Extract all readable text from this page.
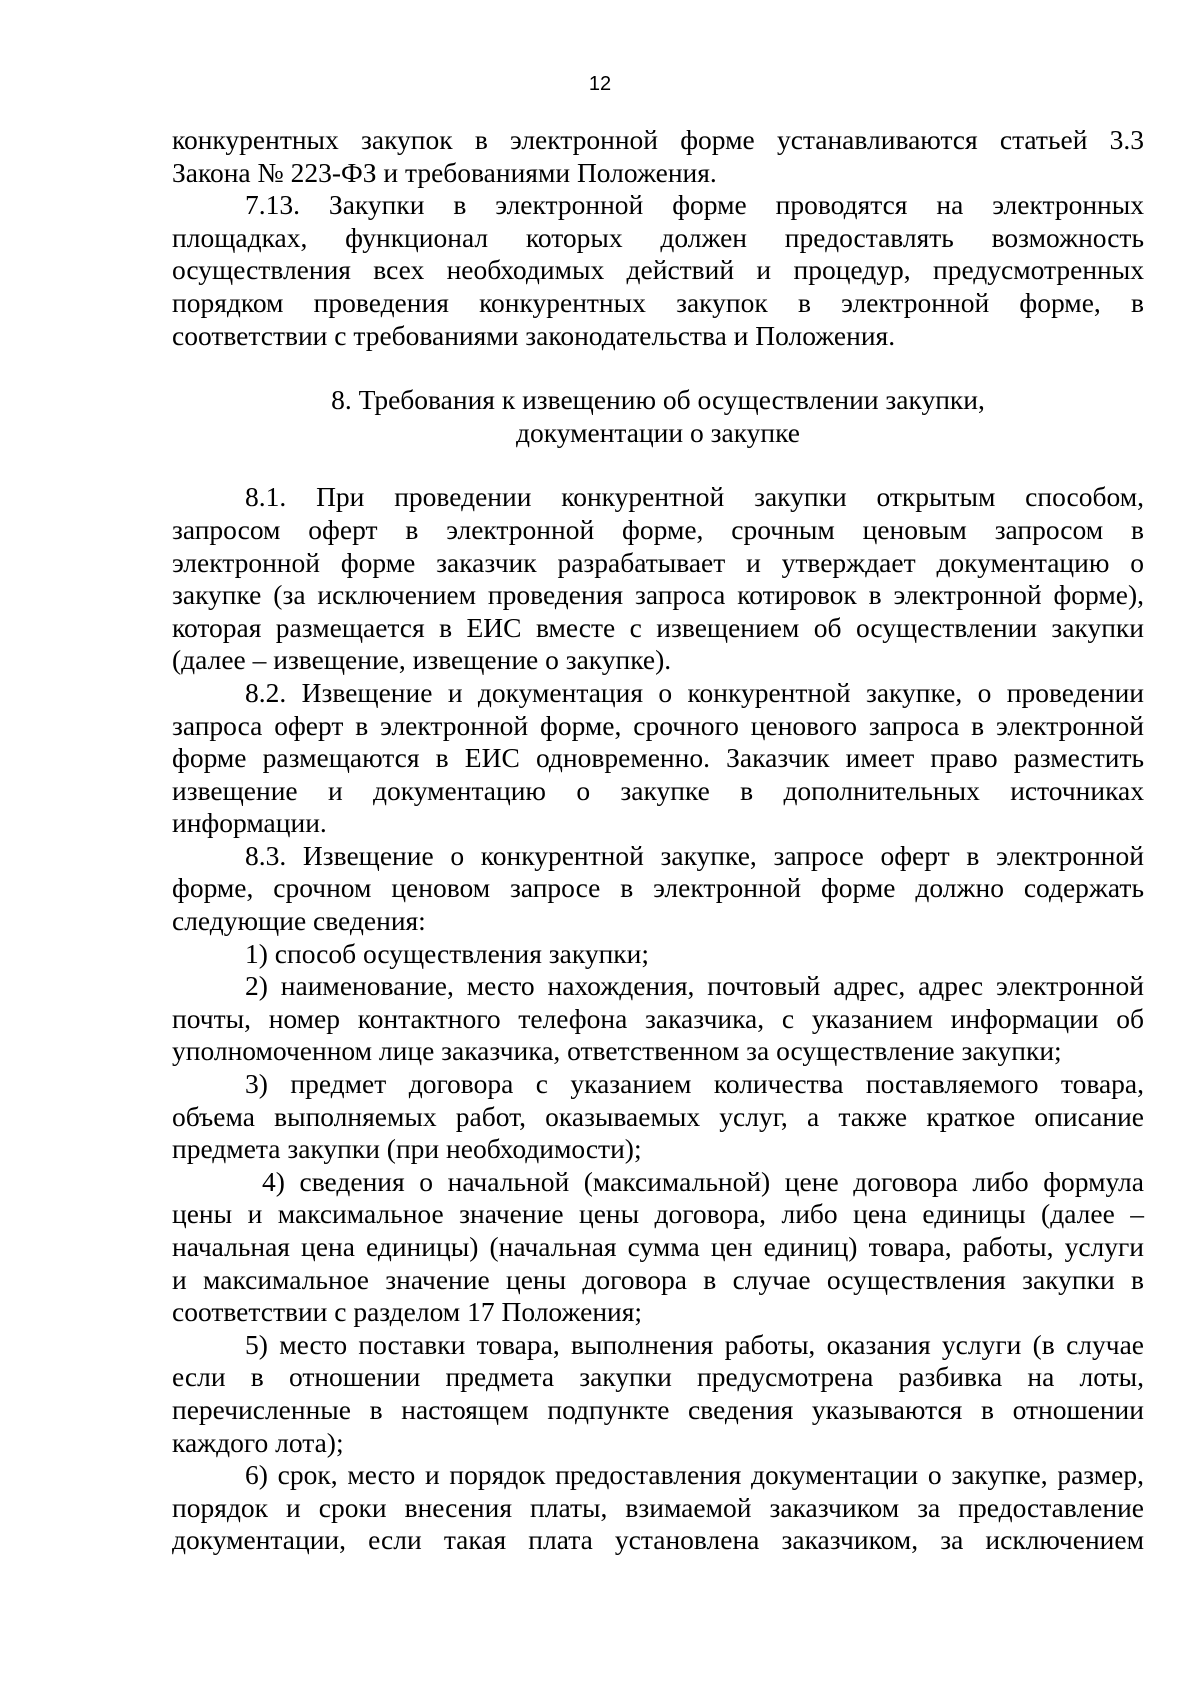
12

конкурентных закупок в электронной форме устанавливаются статьей 3.3

Закона № 223-ФЗ и требованиями Положения.

7.13. Закупки в электронной форме проводятся на электронных

площадках, функционал которых должен предоставлять возможность

осуществления всех необходимых действий и процедур, предусмотренных

порядком проведения конкурентных закупок в электронной форме, в

соответствии с требованиями законодательства и Положения.

8. Требования к извещению об осуществлении закупки,
документации о закупке

8.1. При проведении конкурентной закупки открытым способом,

запросом оферт в электронной форме, срочным ценовым запросом в

электронной форме заказчик разрабатывает и утверждает документацию о

закупке (за исключением проведения запроса котировок в электронной форме),

которая размещается в ЕИС вместе с извещением об осуществлении закупки

(далее – извещение, извещение о закупке).

8.2. Извещение и документация о конкурентной закупке, о проведении

запроса оферт в электронной форме, срочного ценового запроса в электронной

форме размещаются в ЕИС одновременно. Заказчик имеет право разместить

извещение и документацию о закупке в дополнительных источниках

информации.

8.3. Извещение о конкурентной закупке, запросе оферт в электронной

форме, срочном ценовом запросе в электронной форме должно содержать

следующие сведения:

1) способ осуществления закупки;

2) наименование, место нахождения, почтовый адрес, адрес электронной

почты, номер контактного телефона заказчика, с указанием информации об

уполномоченном лице заказчика, ответственном за осуществление закупки;

3) предмет договора с указанием количества поставляемого товара,

объема выполняемых работ, оказываемых услуг, а также краткое описание

предмета закупки (при необходимости);

4) сведения о начальной (максимальной) цене договора либо формула

цены и максимальное значение цены договора, либо цена единицы (далее –

начальная цена единицы) (начальная сумма цен единиц) товара, работы, услуги

и максимальное значение цены договора в случае осуществления закупки в

соответствии с разделом 17 Положения;

5) место поставки товара, выполнения работы, оказания услуги (в случае

если в отношении предмета закупки предусмотрена разбивка на лоты,

перечисленные в настоящем подпункте сведения указываются в отношении

каждого лота);

6) срок, место и порядок предоставления документации о закупке, размер,

порядок и сроки внесения платы, взимаемой заказчиком за предоставление

документации, если такая плата установлена заказчиком, за исключением
